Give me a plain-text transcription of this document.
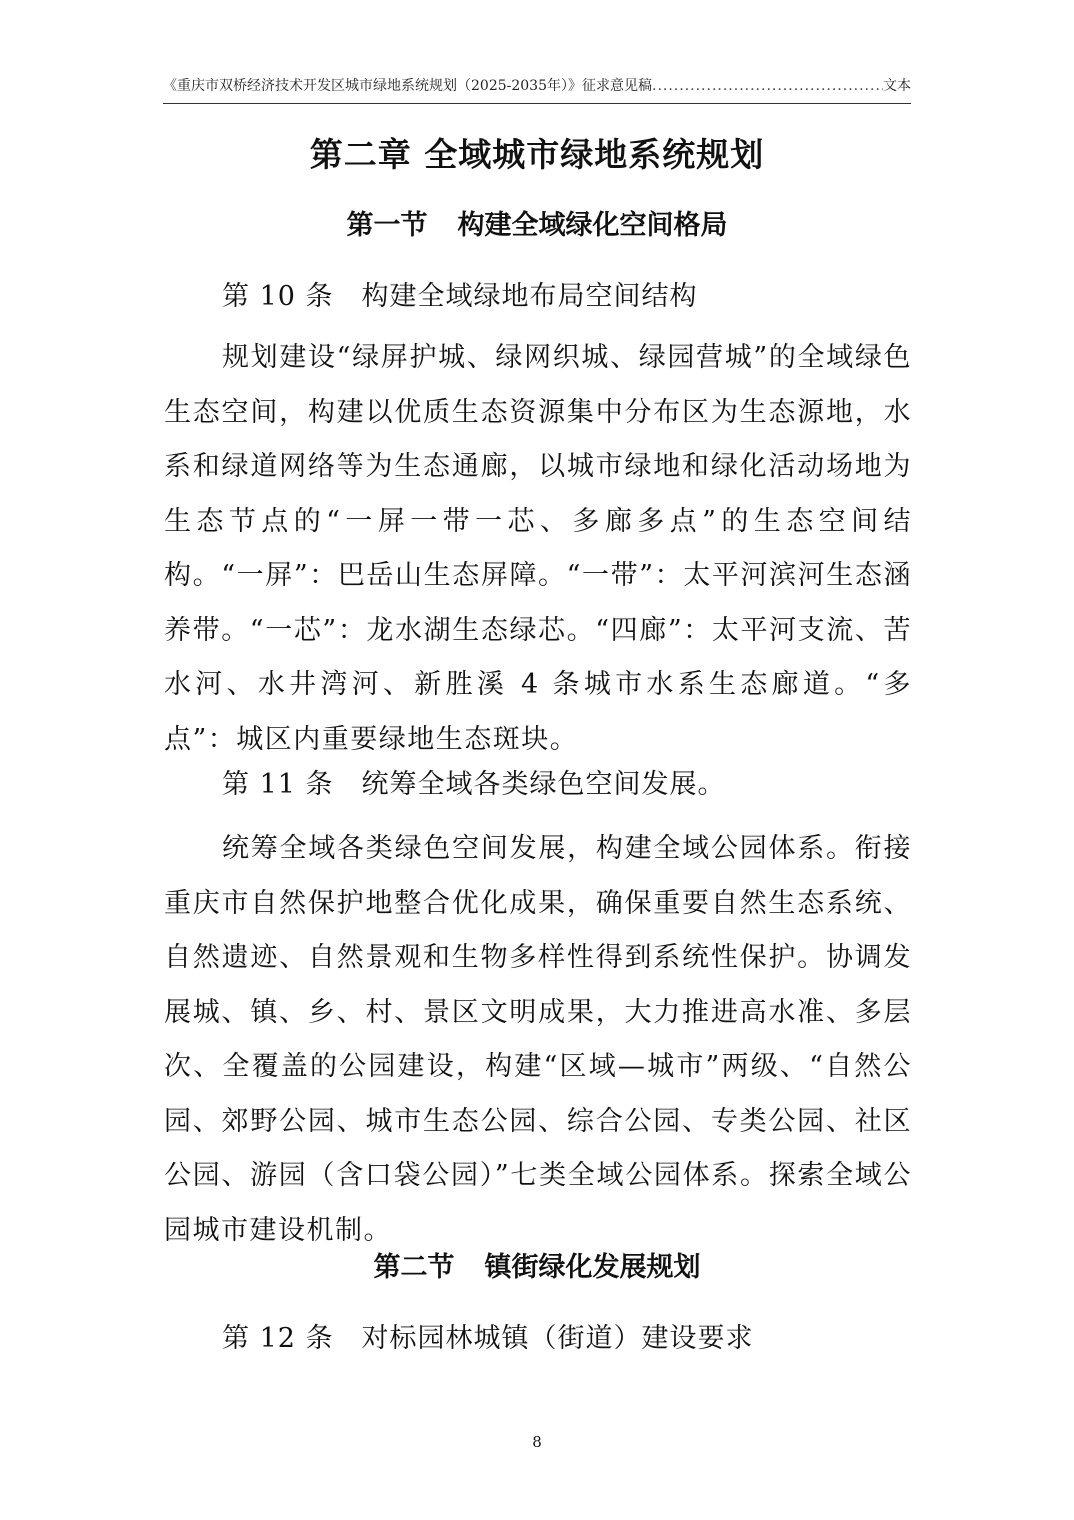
《重庆市双桥经济技术开发区城市绿地系统规划（2025-2035年）》征求意见稿
.....	文本
第二章 全域城市绿地系统规划
第一节 构建全域绿化空间格局
第 10 条 构建全域绿地布局空间结构
规划建设“绿屏护城、绿网织城、绿园营城”的全域绿色生态空间，构建以优质生态资源集中分布区为生态源地，水系和绿道网络等为生态通廊，以城市绿地和绿化活动场地为生态节点的“一屏一带一芯、多廊多点”的生态空间结构。“一屏”：巴岳山生态屏障。“一带”：太平河滨河生态涵养带。“一芯”：龙水湖生态绿芯。“四廊”：太平河支流、苦水河、水井湾河、新胜溪 4 条城市水系生态廊道。“多点”：城区内重要绿地生态斑块。
第 11 条 统筹全域各类绿色空间发展。
统筹全域各类绿色空间发展，构建全域公园体系。衔接重庆市自然保护地整合优化成果，确保重要自然生态系统、自然遗迹、自然景观和生物多样性得到系统性保护。协调发展城、镇、乡、村、景区文明成果，大力推进高水准、多层次、全覆盖的公园建设，构建“区域—城市”两级、“自然公园、郊野公园、城市生态公园、综合公园、专类公园、社区公园、游园（含口袋公园）”七类全域公园体系。探索全域公园城市建设机制。
第二节 镇街绿化发展规划
第 12 条 对标园林城镇（街道）建设要求
8
